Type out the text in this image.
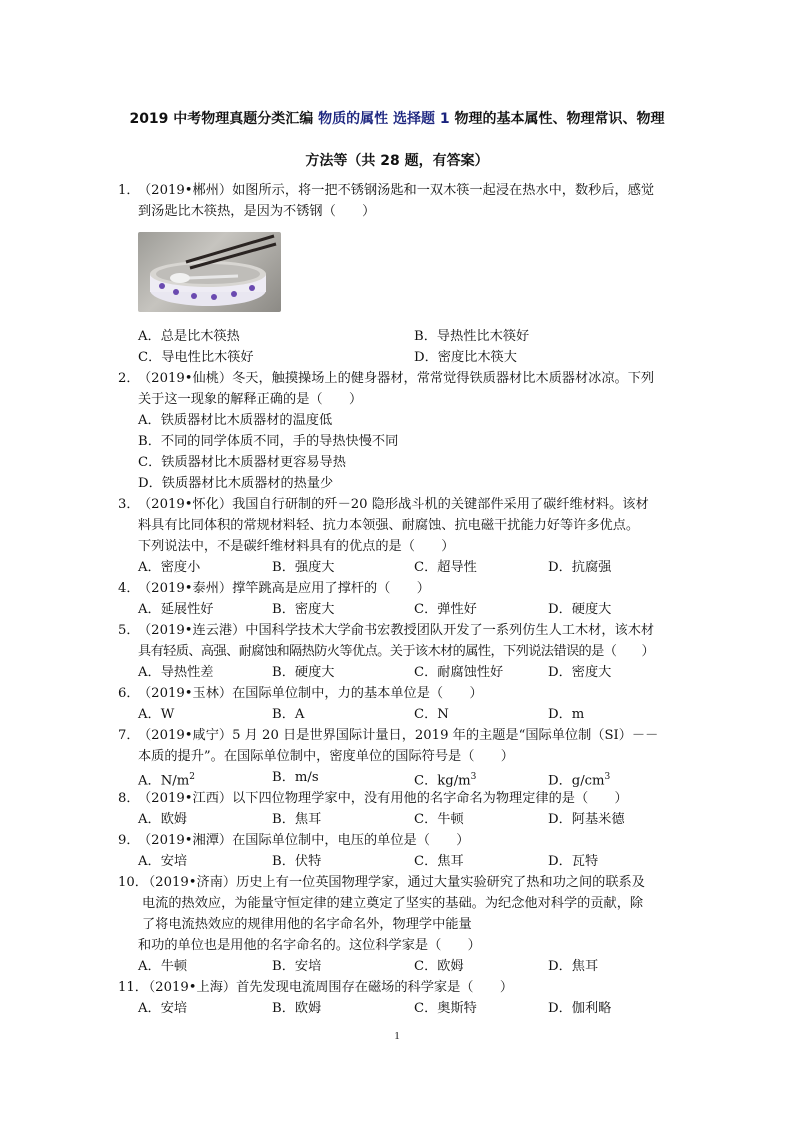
2019 中考物理真题分类汇编 物质的属性 选择题 1 物理的基本属性、物理常识、物理
方法等（共 28 题，有答案）
1．
（2019•郴州）如图所示，将一把不锈钢汤匙和一双木筷一起浸在热水中，数秒后，感觉
到汤匙比木筷热，是因为不锈钢（　　）
A．总是比木筷热	B．导热性比木筷好
C．导电性比木筷好	D．密度比木筷大
2．
（2019•仙桃）冬天，触摸操场上的健身器材，常常觉得铁质器材比木质器材冰凉。下列
关于这一现象的解释正确的是（　　）
A．铁质器材比木质器材的温度低
B．不同的同学体质不同，手的导热快慢不同
C．铁质器材比木质器材更容易导热
D．铁质器材比木质器材的热量少
3．
（2019•怀化）我国自行研制的歼－20 隐形战斗机的关键部件采用了碳纤维材料。该材
料具有比同体积的常规材料轻、抗力本领强、耐腐蚀、抗电磁干扰能力好等许多优点。
下列说法中，不是碳纤维材料具有的优点的是（　　）
A．密度小	B．强度大	C．超导性	D．抗腐强
4．
（2019•泰州）撑竿跳高是应用了撑杆的（　　）
A．延展性好	B．密度大	C．弹性好	D．硬度大
5．
（2019•连云港）中国科学技术大学俞书宏教授团队开发了一系列仿生人工木材，该木材
具有轻质、高强、耐腐蚀和隔热防火等优点。关于该木材的属性，下列说法错误的是（　　）
A．导热性差	B．硬度大	C．耐腐蚀性好	D．密度大
6．
（2019•玉林）在国际单位制中，力的基本单位是（　　）
A．W	B．A	C．N	D．m
7．
（2019•咸宁）5 月 20 日是世界国际计量日，2019 年的主题是“国际单位制（SI）－－
本质的提升”。在国际单位制中，密度单位的国际符号是（　　）
A．$N/m^2$	B．m/s	C．$kg/m^3$	D．$g/cm^3$
8．
（2019•江西）以下四位物理学家中，没有用他的名字命名为物理定律的是（　　）
A．欧姆	B．焦耳	C．牛顿	D．阿基米德
9．
（2019•湘潭）在国际单位制中，电压的单位是（　　）
A．安培	B．伏特	C．焦耳	D．瓦特
10．
（2019•济南）历史上有一位英国物理学家，通过大量实验研究了热和功之间的联系及
电流的热效应，为能量守恒定律的建立奠定了坚实的基础。为纪念他对科学的贡献，除
了将电流热效应的规律用他的名字命名外，物理学中能量
和功的单位也是用他的名字命名的。这位科学家是（　　）
A．牛顿	B．安培	C．欧姆	D．焦耳
11．
（2019•上海）首先发现电流周围存在磁场的科学家是（　　）
A．安培	B．欧姆	C．奥斯特	D．伽利略
1
